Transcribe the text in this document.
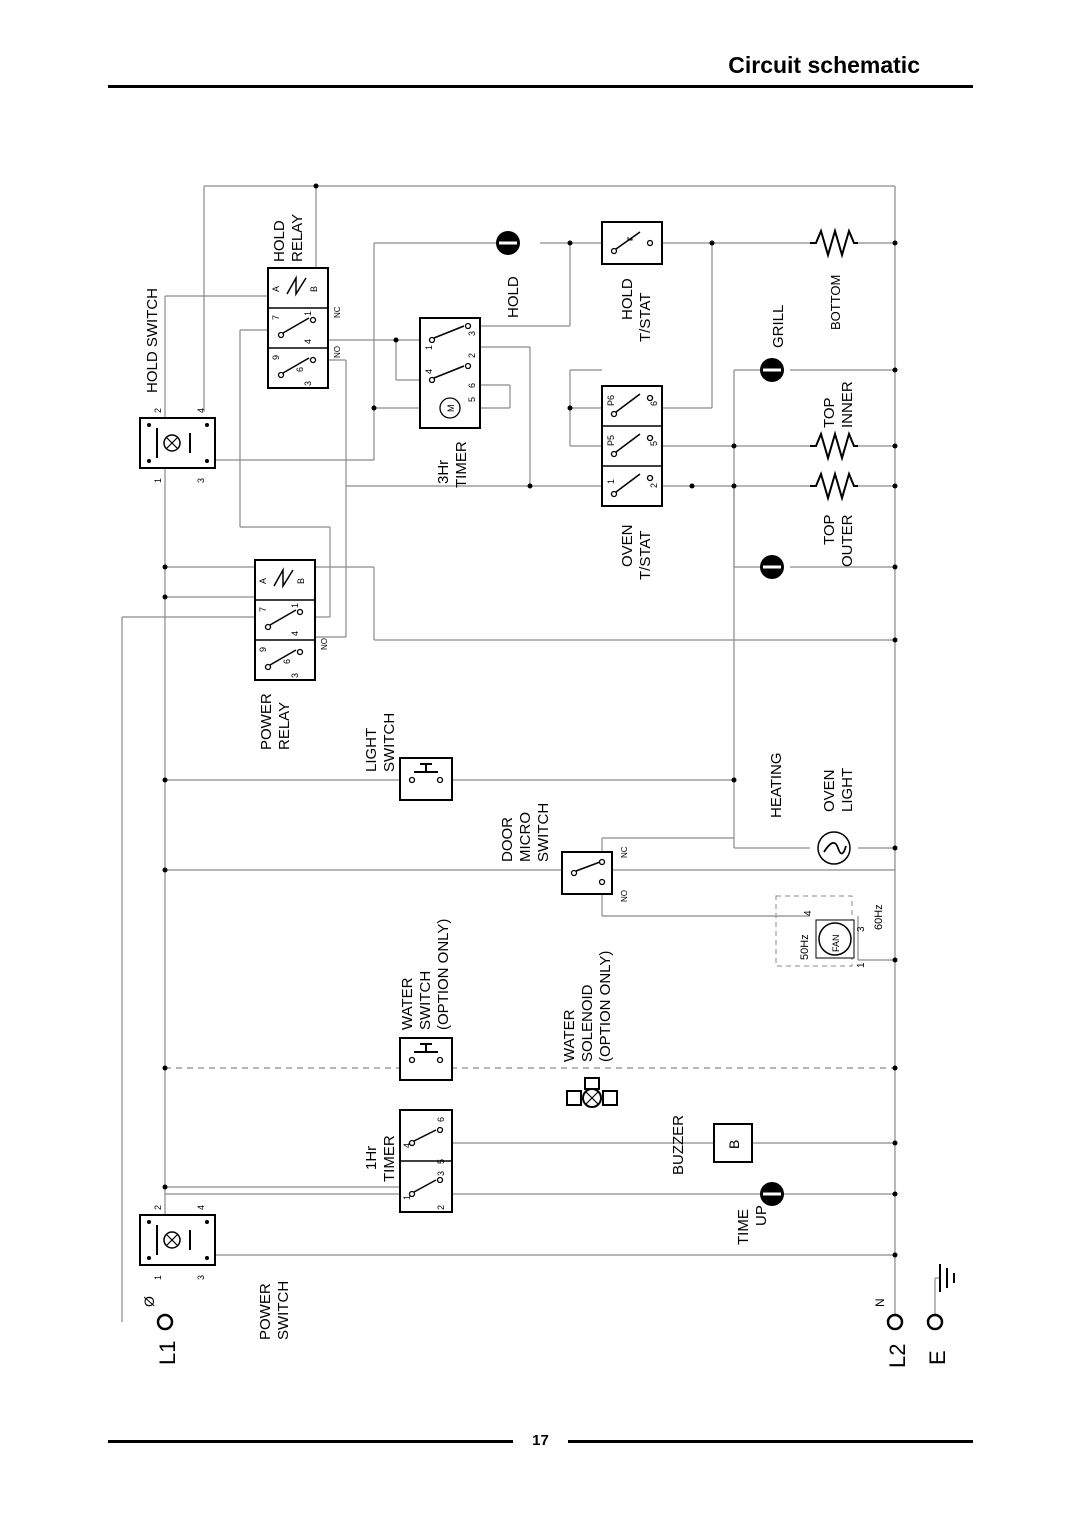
Circuit schematic
L1
Ø
L2
N
E
1
2
3
4
POWER SWITCH
1
2
3
4
HOLD SWITCH
9
7
6
4
1
3
A	B
NO
POWER RELAY
9
7
6
4
1
3
A	B
NO
NC
HOLD RELAY
M
1
3
4
2
6
5
3Hr TIMER
HOLD	HOLD T/STAT
1
2
P5	5
P6	6
OVEN T/STAT
GRILL
HEATING
BOTTOM
TOP INNER
TOP OUTER
LIGHT SWITCH
WATER SWITCH (OPTION ONLY)
1
2
3
4
5
6
1Hr TIMER
NO
NC
DOOR MICRO SWITCH
WATER SOLENOID (OPTION ONLY)
B
BUZZER
TIME UP
OVEN LIGHT
FAN
1
3
4
50Hz
60Hz
17
